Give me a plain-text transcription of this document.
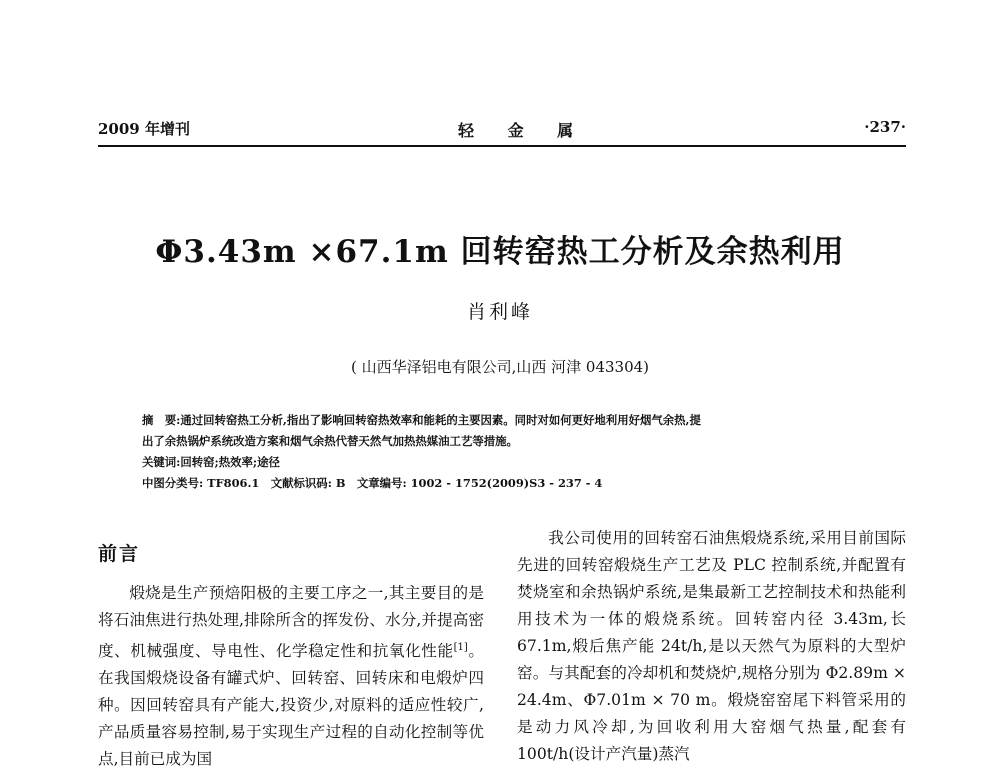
2009 年增刊	轻 金 属	·237·
Φ3.43m ×67.1m 回转窑热工分析及余热利用
肖利峰
( 山西华泽铝电有限公司,山西 河津 043304)

摘　要:通过回转窑热工分析,指出了影响回转窑热效率和能耗的主要因素。同时对如何更好地利用好烟气余热,提

出了余热锅炉系统改造方案和烟气余热代替天然气加热热媒油工艺等措施。

关键词:回转窑;热效率;途径

中图分类号: TF806.1　文献标识码: B　文章编号: 1002 - 1752(2009)S3 - 237 - 4

前言

煅烧是生产预焙阳极的主要工序之一,其主要目的是将石油焦进行热处理,排除所含的挥发份、水分,并提高密度、机械强度、导电性、化学稳定性和抗氧化性能[1]。在我国煅烧设备有罐式炉、回转窑、回转床和电煅炉四种。因回转窑具有产能大,投资少,对原料的适应性较广,产品质量容易控制,易于实现生产过程的自动化控制等优点,目前已成为国

我公司使用的回转窑石油焦煅烧系统,采用目前国际先进的回转窑煅烧生产工艺及 PLC 控制系统,并配置有焚烧室和余热锅炉系统,是集最新工艺控制技术和热能利用技术为一体的煅烧系统。回转窑内径 3.43m,长 67.1m,煅后焦产能 24t/h,是以天然气为原料的大型炉窑。与其配套的冷却机和焚烧炉,规格分别为 Φ2.89m × 24.4m、Φ7.01m × 70 m。煅烧窑窑尾下料管采用的是动力风冷却,为回收利用大窑烟气热量,配套有 100t/h(设计产汽量)蒸汽
